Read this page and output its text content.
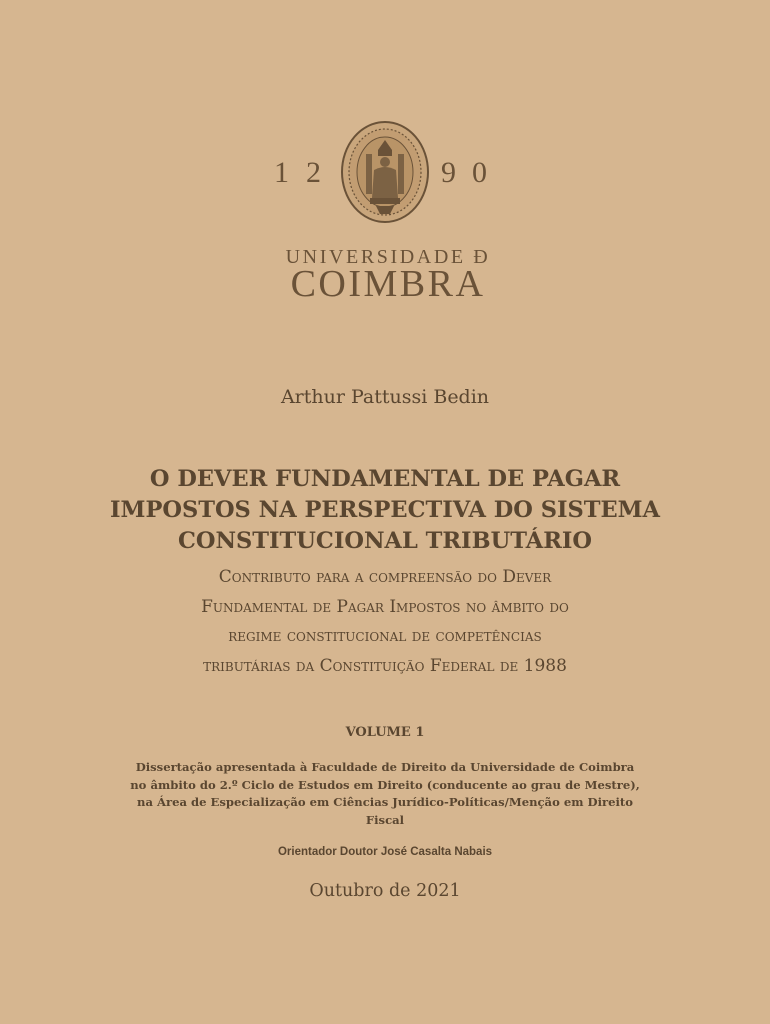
1 2	9 0
UNIVERSIDADE Đ
COIMBRA
Arthur Pattussi Bedin
O DEVER FUNDAMENTAL DE PAGAR
IMPOSTOS NA PERSPECTIVA DO SISTEMA
CONSTITUCIONAL TRIBUTÁRIO
Contributo para a compreensão do Dever
Fundamental de Pagar Impostos no âmbito do
regime constitucional de competências
tributárias da Constituição Federal de 1988
VOLUME 1
Dissertação apresentada à Faculdade de Direito da Universidade de Coimbra
no âmbito do 2.º Ciclo de Estudos em Direito (conducente ao grau de Mestre),
na Área de Especialização em Ciências Jurídico-Políticas/Menção em Direito
Fiscal
Orientador Doutor José Casalta Nabais
Outubro de 2021
